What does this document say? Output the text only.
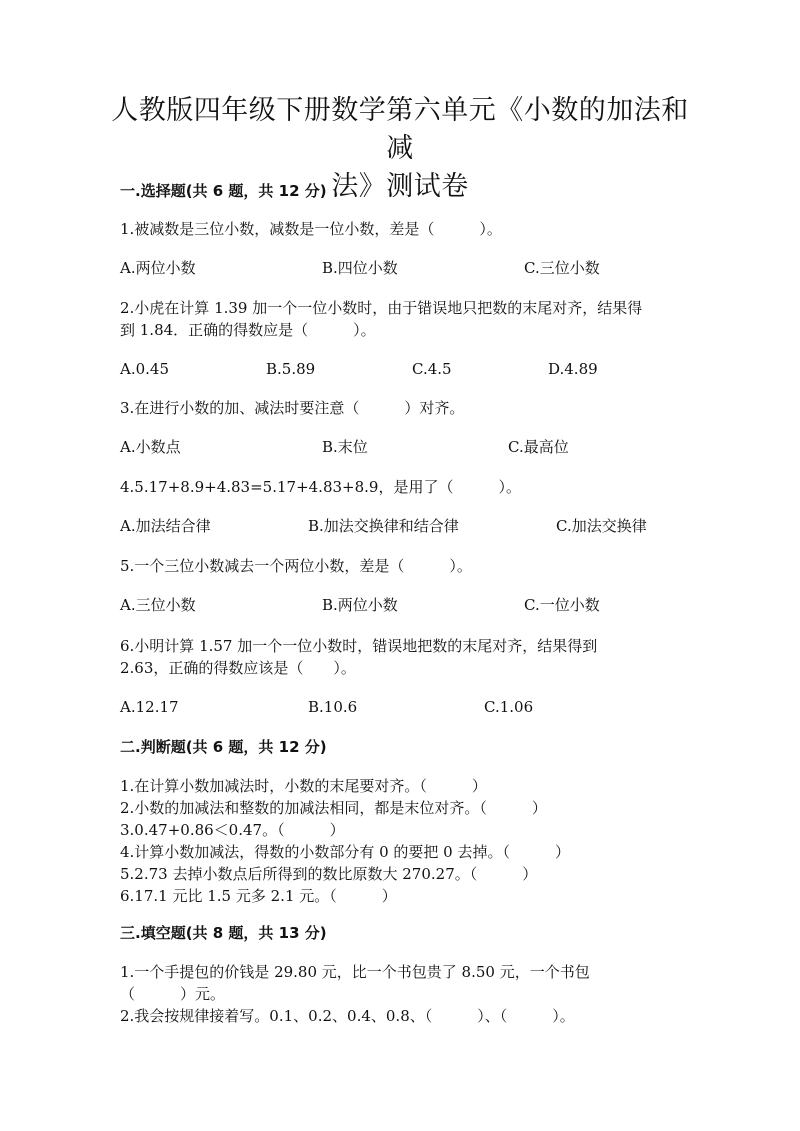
人教版四年级下册数学第六单元《小数的加法和减
法》测试卷
一.选择题(共 6 题，共 12 分)
1.被减数是三位小数，减数是一位小数，差是（　　　）。
A.两位小数	B.四位小数	C.三位小数
2.小虎在计算 1.39 加一个一位小数时，由于错误地只把数的末尾对齐，结果得
到 1.84．正确的得数应是（　　　）。
A.0.45	B.5.89	C.4.5	D.4.89
3.在进行小数的加、减法时要注意（　　　）对齐。
A.小数点	B.末位	C.最高位
4.5.17+8.9+4.83=5.17+4.83+8.9，是用了（　　　）。
A.加法结合律	B.加法交换律和结合律	C.加法交换律
5.一个三位小数减去一个两位小数，差是（　　　）。
A.三位小数	B.两位小数	C.一位小数
6.小明计算 1.57 加一个一位小数时，错误地把数的末尾对齐，结果得到
2.63，正确的得数应该是（　　）。
A.12.17	B.10.6	C.1.06
二.判断题(共 6 题，共 12 分)
1.在计算小数加减法时，小数的末尾要对齐。（　　　）
2.小数的加减法和整数的加减法相同，都是末位对齐。（　　　）
3.0.47+0.86＜0.47。（　　　）
4.计算小数加减法，得数的小数部分有 0 的要把 0 去掉。（　　　）
5.2.73 去掉小数点后所得到的数比原数大 270.27。（　　　）
6.17.1 元比 1.5 元多 2.1 元。（　　　）
三.填空题(共 8 题，共 13 分)
1.一个手提包的价钱是 29.80 元，比一个书包贵了 8.50 元，一个书包
（　　　）元。
2.我会按规律接着写。0.1、0.2、0.4、0.8、（　　　）、（　　　）。
